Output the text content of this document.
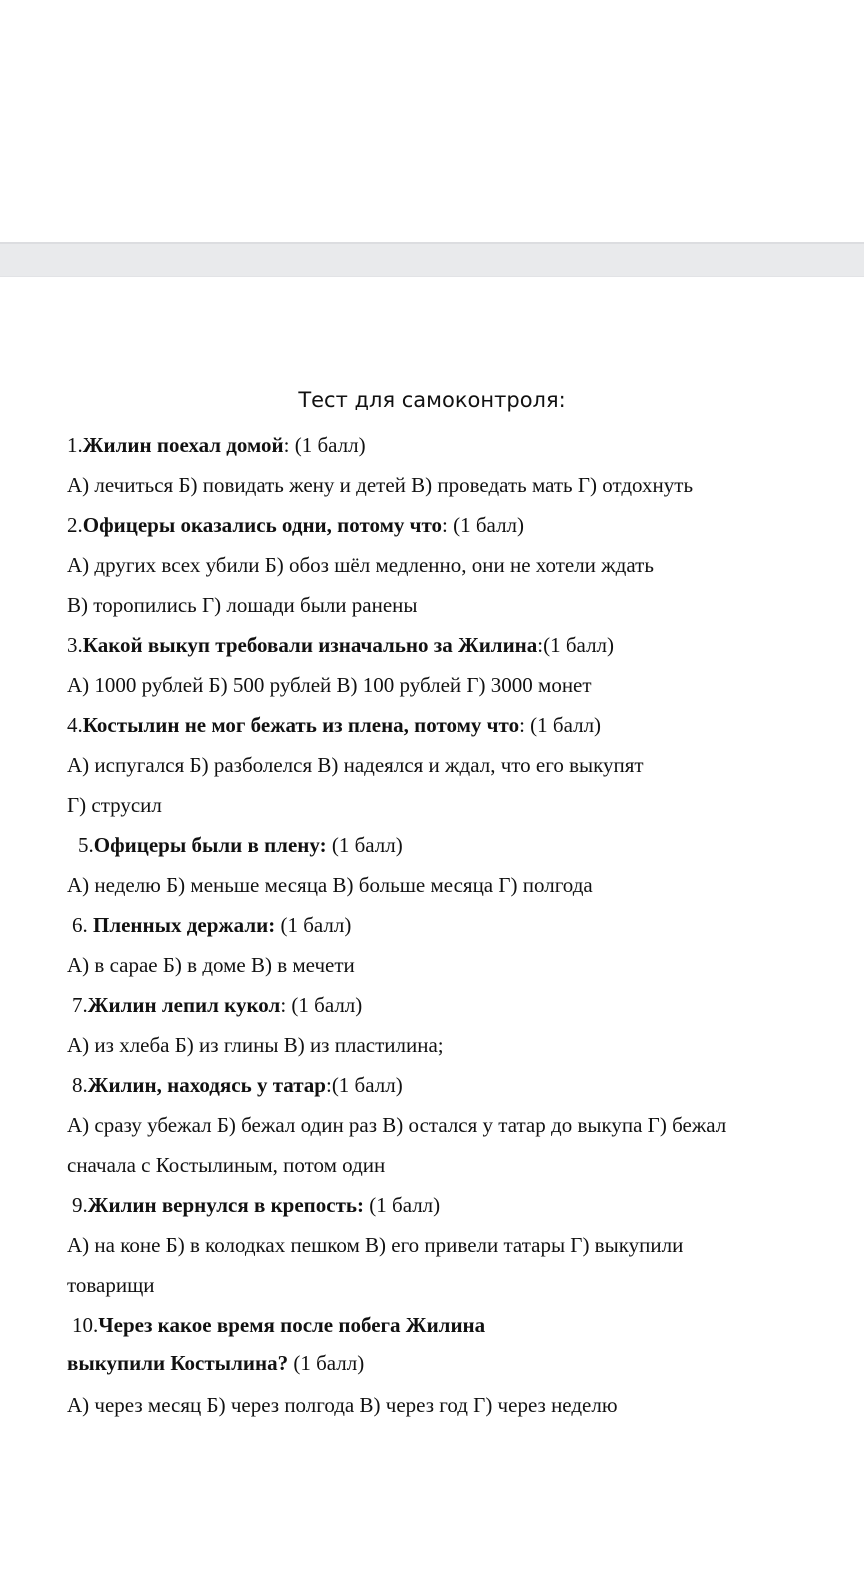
Тест для самоконтроля:
1.Жилин поехал домой: (1 балл)
А) лечиться Б) повидать жену и детей В) проведать мать Г) отдохнуть
2.Офицеры оказались одни, потому что: (1 балл)
А) других всех убили Б) обоз шёл медленно, они не хотели ждать
В) торопились Г) лошади были ранены
3.Какой выкуп требовали изначально за Жилина:(1 балл)
А) 1000 рублей Б) 500 рублей В) 100 рублей Г) 3000 монет
4.Костылин не мог бежать из плена, потому что: (1 балл)
А) испугался Б) разболелся В) надеялся и ждал, что его выкупят
Г) струсил
5.Офицеры были в плену: (1 балл)
А) неделю Б) меньше месяца В) больше месяца Г) полгода
6. Пленных держали: (1 балл)
А) в сарае Б) в доме В) в мечети
7.Жилин лепил кукол: (1 балл)
А) из хлеба Б) из глины В) из пластилина;
8.Жилин, находясь у татар:(1 балл)
А) сразу убежал Б) бежал один раз В) остался у татар до выкупа Г) бежал
сначала с Костылиным, потом один
9.Жилин вернулся в крепость: (1 балл)
А) на коне Б) в колодках пешком В) его привели татары Г) выкупили
товарищи
10.Через какое время после побега Жилина
выкупили Костылина? (1 балл)
А) через месяц Б) через полгода В) через год Г) через неделю
